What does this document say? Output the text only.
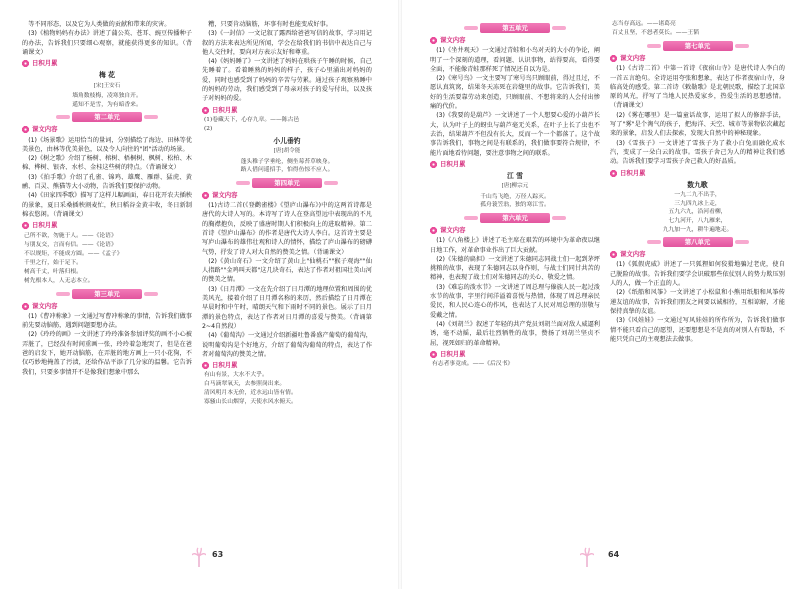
等不同形态，以及它为人类做的贡献和带来的灾害。

(3)《植物妈妈有办法》讲述了蒲公英、苍耳、豌豆传播种子的办法，告诉我们只要细心观察，就能获得更多的知识。（背诵课文）

日积月累
梅 花
[宋]王安石
墙角数枝梅，凌寒独自开。
遥知不是雪，为有暗香来。
第二单元
课文内容

(1)《场景歌》运用恰当的量词，分别描绘了海边、田林等优美景色，由林等优美景色，以及令人向往的"团"活动的场景。

(2)《树之歌》介绍了杨树、榕树、梧桐树、枫树、松柏、木棉、桦树、银杏、水杉、金桂这些树的特点。（背诵课文）

(3)《拍手歌》介绍了孔雀、锦鸡、雄鹰、雁群、猛虎、黄鹂、百灵、熊猫等大小动物，告诉我们要保护动物。

(4)《田家四季歌》描写了这样儿幅画面，春日花开农夫插秧的景象，夏日采桑插秧割麦忙，秋日稻谷金黄丰收，冬日新制棉衣悠闲。（背诵课文）

日积月累
己所不欲，勿施于人。——《论语》
与朋友交，言而有信。——《论语》
不以规矩，不能成方圆。——《孟子》
千里之行，始于足下。
树高千丈，叶落归根。
树先根本人，人无志本立。
第三单元
课文内容

(1)《曹冲称象》一文通过写曹冲称象的事情，告诉我们做事前先要动脑筋，遇到问题要想办法。

(2)《玲玲的画》一文讲述了玲玲准备参加评奖的画不小心被弄脏了，已经没有时间重画一张，玲玲着急地哭了，但是在爸爸的启发下，她开动脑筋，在弄脏的地方画上一只小花狗，不仅巧妙地掩盖了污渍，还给作品平添了几分家的温馨。它告诉我们，只要多事情开不是像我们想象中那么

糟，只要肯动脑筋，坏事有时也能变成好事。

(3)《一封信》一文记叙了露西给爸爸写信的故事，学习用记叙的方法来表达所见所闻，学会在给我们的书信中表达自己与他人交往时，要向对方表示友好和尊重。

(4)《妈妈睡了》一文讲述了妈妈在哄孩子午睡的时候，自己先睡着了。看着睡熟的妈妈的样子，孩子心里涌出对妈妈的爱，同时也感受到了妈妈的辛苦与劳累。通过孩子观察熟睡中的妈妈的劳动，我们感受到了母亲对孩子的爱与付出，以及孩子对妈妈的爱。

日积月累
(1)卷藏天下，心存九章。——陈古邑
(2)
小儿垂钓
[唐]胡令能
蓬头稚子学垂纶，侧坐莓苔草映身。
路人借问遥招手，怕得鱼惊不应人。
第四单元
课文内容

(1)古诗二首(《登鹳雀楼》《望庐山瀑布》)中的这两首诗都是唐代的大诗人写的。本诗写了诗人在登高望远中表现出的不凡的胸襟抱负，反映了盛唐时期人们积极向上的进取精神。第二首诗《望庐山瀑布》的作者是唐代大诗人李白。这首诗主要是写庐山瀑布的雄伟壮观和诗人的情怀，描绘了庐山瀑布的磅礴气势，抒发了诗人对大自然的赞美之情。（背诵课文）

(2)《黄山奇石》一文介绍了黄山上"仙桃石""猴子观海""仙人指路""金鸡叫天都"这几块奇石，表达了作者对祖国壮美山河的赞美之情。

(3)《日月潭》一文在先介绍了日月潭的地理位置和周围的优美风光，接着介绍了日月潭名称的来历，然后描绘了日月潭在早晨时和中午时，晴朗天气和下雨时不同的景色。展示了日月潭的景色特点，表达了作者对日月潭的喜爱与赞美。（背诵第2~4自然段）

(4)《葡萄沟》一文通过介绍新疆吐鲁番盛产葡萄的葡萄沟，说明葡萄沟是个好地方，介绍了葡萄沟葡萄的特点，表达了作者对葡萄沟的赞美之情。

日积月累
有山有景，大水不大乎。
白马滴翠氧天，去参照岗出来。
清风明月本无价，近水远山皆有情。
寡骚山长山烟穿，天使水风水俯天。
63
第五单元
课文内容

(1)《坐井观天》一文通过青蛙和小鸟对天的大小的争论，阐明了一个深刻的道理，看问题、认识事物，站得要高，看得要全面，不能像青蛙那样死了情况还自以为是。

(2)《寒号鸟》一文主要写了寒号鸟只顾眼前，得过且过，不愿认真筑窝，结果冬天冻死在岩缝里的故事。它告诉我们，美好的生活要靠劳动来创造，只顾眼前、不想将来的人会付出惨痛的代价。

(3)《我要的是葫芦》一文讲述了一个人想要心爱的小葫芦长大，认为叶子上的蚜虫与葫芦毫无关系，在叶子上长了虫也不去治，结果葫芦不但没有长大，反而一个一个都落了。这个故事告诉我们，事物之间是有联系的，我们做事要符合规律，不能片面地看待问题，要注意事物之间的联系。

日积月累
江 雪
[唐]柳宗元
千山鸟飞绝，万径人踪灭。
孤舟蓑笠翁，独钓寒江雪。
第六单元
课文内容

(1)《八角楼上》讲述了毛主席在艰苦的环境中为革命夜以继日地工作，对革命事业作出了巨大贡献。

(2)《朱德的扁担》一文讲述了朱德同志同战士们一起到茅坪挑粮的故事，表现了朱德同志以身作则，与战士们同甘共苦的精神，也表现了战士们对朱德同志的关心、敬爱之情。

(3)《难忘的泼水节》一文讲述了周总理与傣族人民一起过泼水节的故事，字里行间洋溢着喜悦与热情，体现了周总理亲民爱民，和人民心连心的作风，也表达了人民对周总理的崇敬与爱戴之情。

(4)《刘胡兰》叙述了年轻的共产党员刘胡兰面对敌人威逼利诱，毫不动摇，最后壮烈牺牲的故事，赞扬了刘胡兰坚贞不屈，视死如归的革命精神。

日积月累
有志者事竟成。——《后汉书》
志当存高远。——诸葛亮
百丈且坚，不怒者莫长。——王韬
第七单元
课文内容

(1)《古诗二首》中第一首诗《夜宿山寺》是唐代诗人李白的一首五言绝句。全诗运用夸张和想象，表达了作者夜宿山寺，身临高处的感受。第二首诗《敕勒歌》是北朝民歌，描绘了北国草原的风光，抒写了当地人民热爱家乡，热爱生活的思想感情。（背诵课文）

(2)《雾在哪里》是一篇童话故事，运用了拟人的修辞手法，写了"雾"是个淘气的孩子，把海洋、天空、城市等景物依次藏起来的景象，启发人们去探索，发现大自然中的神秘现象。

(3)《雪孩子》一文讲述了雪孩子为了救小白兔而融化成水汽，变成了一朵白云的故事。雪孩子舍己为人的精神让我们感动。告诉我们要学习雪孩子舍己救人的好品质。

日积月累
数九歌
一九二九不出手，
三九四九冰上走，
五九六九，沿河看柳，
七九河开，八九雁来，
九九加一九，耕牛遍地走。
第八单元
课文内容

(1)《狐假虎威》讲述了一只狐狸如何狡猾地骗过老虎，使自己脱险的故事。告诉我们要学会识破那些依仗别人的势力欺压别人的人，做一个正直的人。

(2)《纸船和风筝》一文讲述了小松鼠和小熊用纸船和风筝传递友谊的故事，告诉我们朋友之间要以诚相待，互相谅解，才能保持真挚的友谊。

(3)《风娃娃》一文通过写风娃娃的所作所为，告诉我们做事情不能只看自己的愿望，还要想想是不是真的对别人有帮助，不能只凭自己的主观想法去做事。

64
